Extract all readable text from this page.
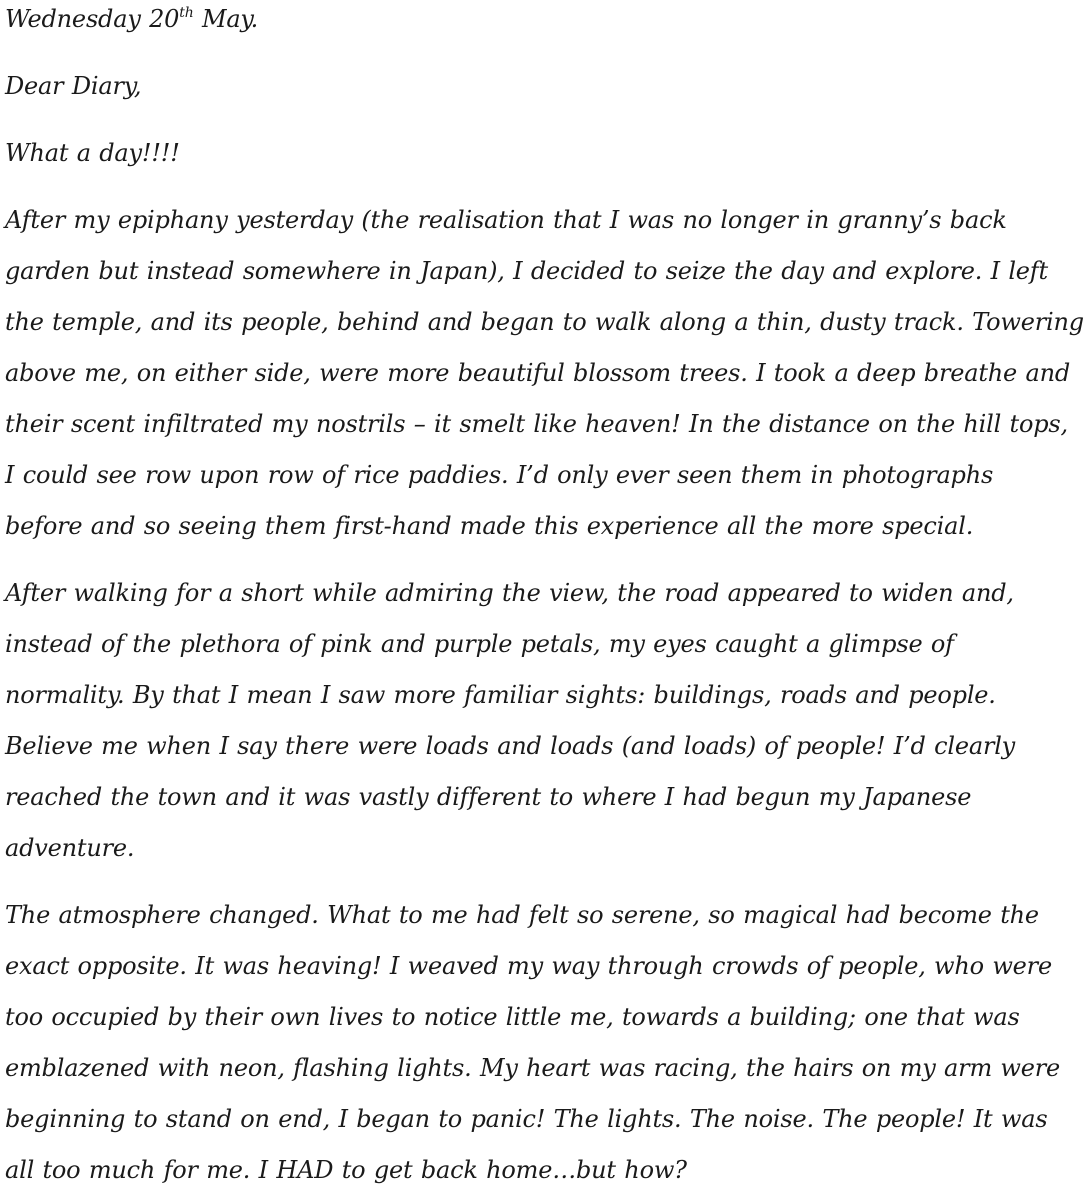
Wednesday 20th May.

Dear Diary,

What a day!!!!

After my epiphany yesterday (the realisation that I was no longer in granny’s back

garden but instead somewhere in Japan), I decided to seize the day and explore. I left

the temple, and its people, behind and began to walk along a thin, dusty track. Towering

above me, on either side, were more beautiful blossom trees. I took a deep breathe and

their scent infiltrated my nostrils – it smelt like heaven! In the distance on the hill tops,

I could see row upon row of rice paddies. I’d only ever seen them in photographs

before and so seeing them first-hand made this experience all the more special.

After walking for a short while admiring the view, the road appeared to widen and,

instead of the plethora of pink and purple petals, my eyes caught a glimpse of

normality. By that I mean I saw more familiar sights: buildings, roads and people.

Believe me when I say there were loads and loads (and loads) of people! I’d clearly

reached the town and it was vastly different to where I had begun my Japanese

adventure.

The atmosphere changed. What to me had felt so serene, so magical had become the

exact opposite. It was heaving! I weaved my way through crowds of people, who were

too occupied by their own lives to notice little me, towards a building; one that was

emblazened with neon, flashing lights. My heart was racing, the hairs on my arm were

beginning to stand on end, I began to panic! The lights. The noise. The people! It was

all too much for me. I HAD to get back home…but how?
